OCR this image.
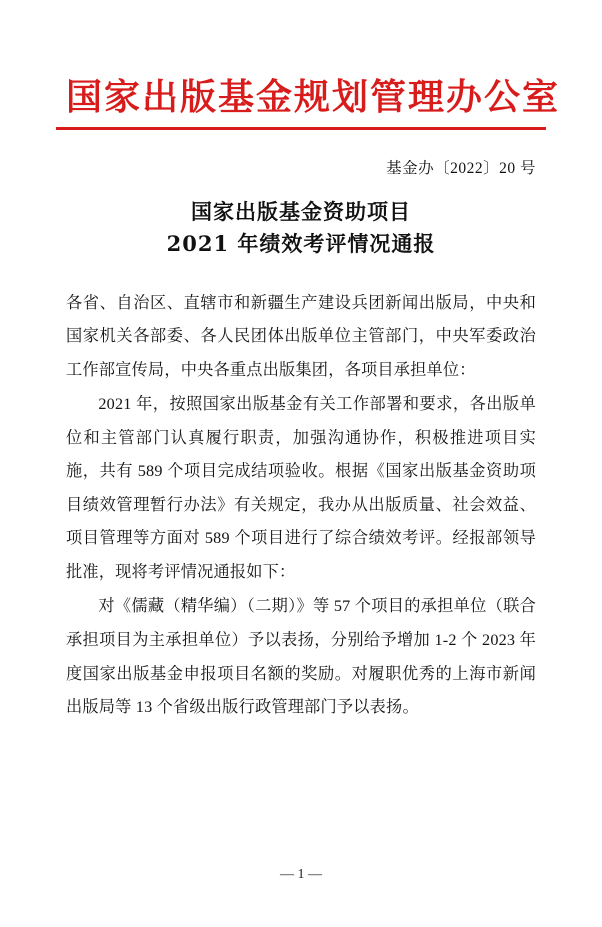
国家出版基金规划管理办公室
基金办〔2022〕20 号
国家出版基金资助项目
2021 年绩效考评情况通报

各省、自治区、直辖市和新疆生产建设兵团新闻出版局，中央和国家机关各部委、各人民团体出版单位主管部门，中央军委政治工作部宣传局，中央各重点出版集团，各项目承担单位：

2021 年，按照国家出版基金有关工作部署和要求，各出版单位和主管部门认真履行职责，加强沟通协作，积极推进项目实施，共有 589 个项目完成结项验收。根据《国家出版基金资助项目绩效管理暂行办法》有关规定，我办从出版质量、社会效益、项目管理等方面对 589 个项目进行了综合绩效考评。经报部领导批准，现将考评情况通报如下：

对《儒藏（精华编）（二期）》等 57 个项目的承担单位（联合承担项目为主承担单位）予以表扬，分别给予增加 1-2 个 2023 年度国家出版基金申报项目名额的奖励。对履职优秀的上海市新闻出版局等 13 个省级出版行政管理部门予以表扬。

— 1 —
